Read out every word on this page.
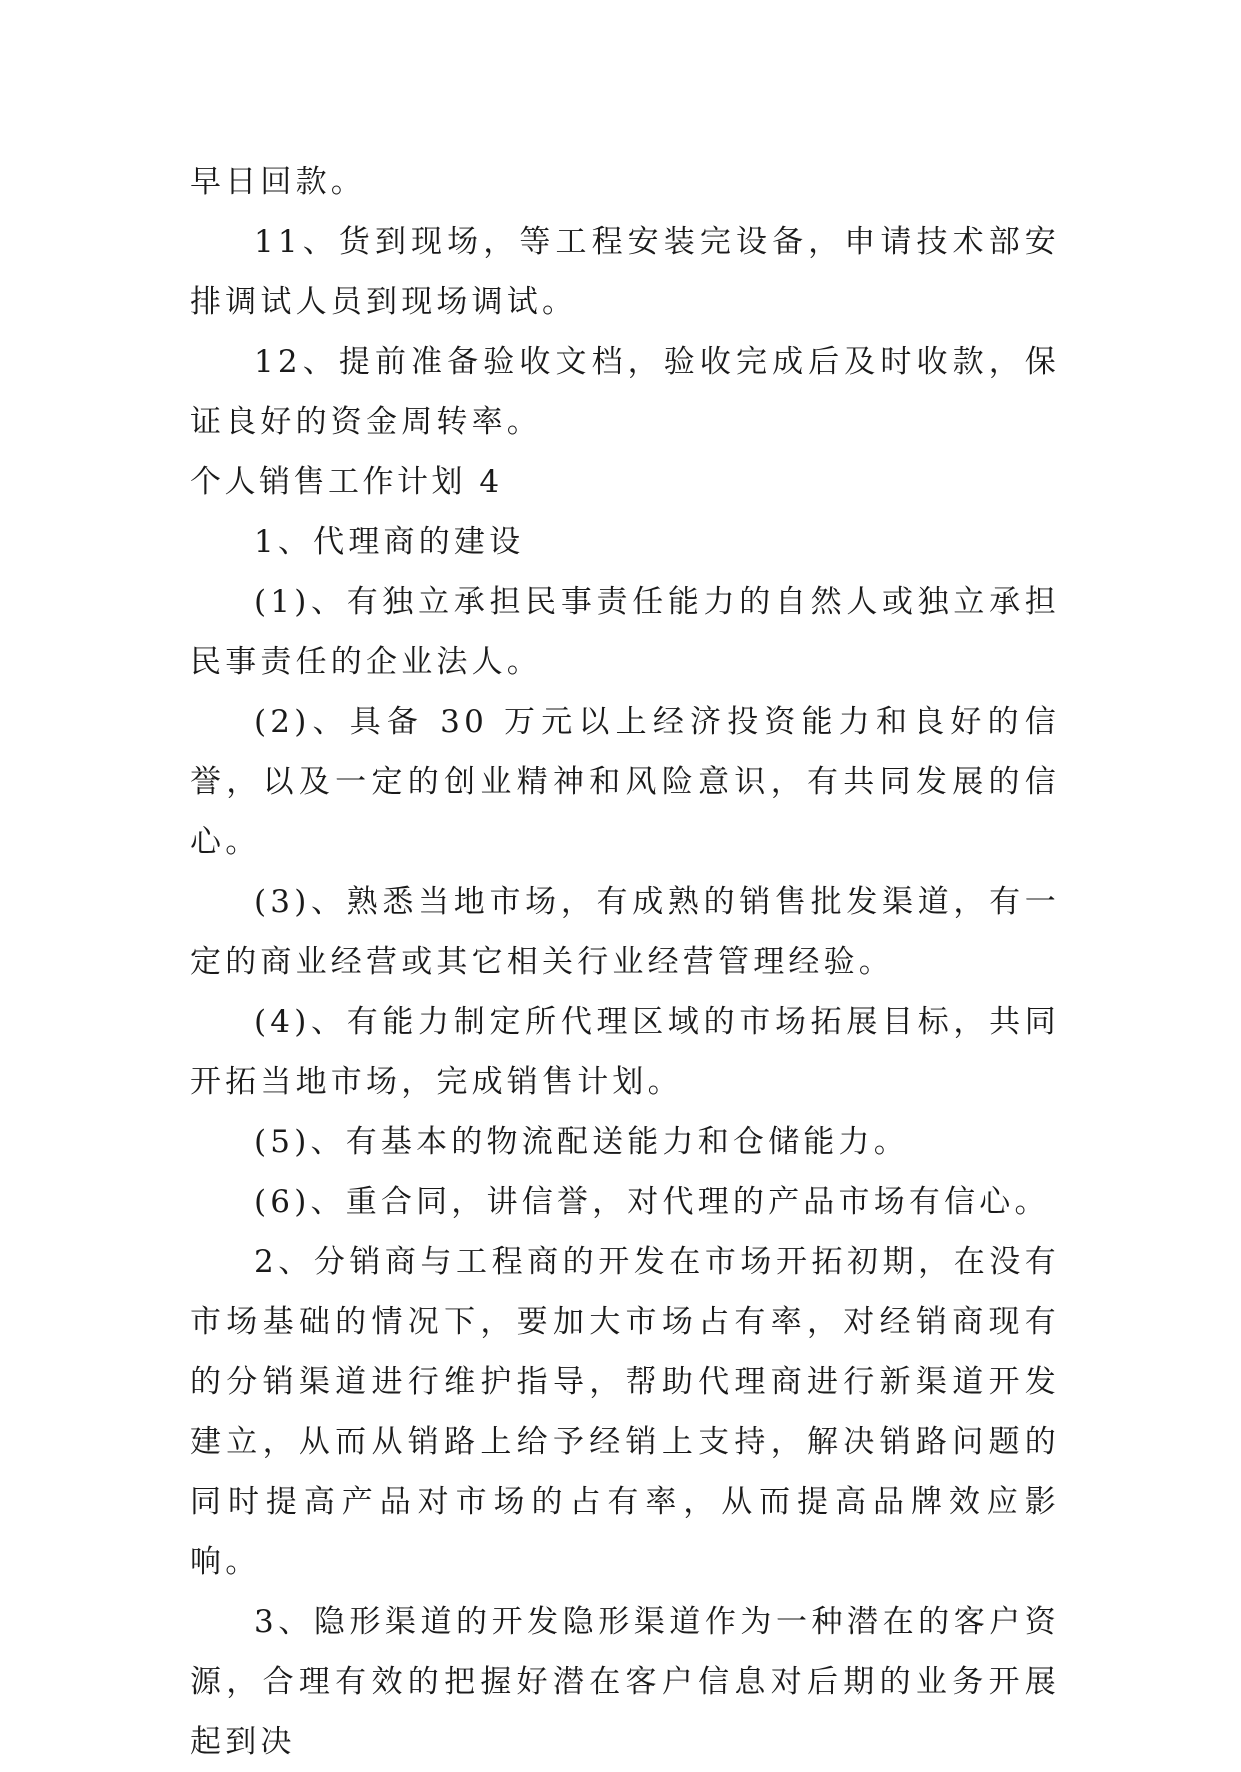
早日回款。

11、货到现场，等工程安装完设备，申请技术部安排调试人员到现场调试。

12、提前准备验收文档，验收完成后及时收款，保证良好的资金周转率。

个人销售工作计划 4

1、代理商的建设

(1)、有独立承担民事责任能力的自然人或独立承担民事责任的企业法人。

(2)、具备 30 万元以上经济投资能力和良好的信誉，以及一定的创业精神和风险意识，有共同发展的信心。

(3)、熟悉当地市场，有成熟的销售批发渠道，有一定的商业经营或其它相关行业经营管理经验。

(4)、有能力制定所代理区域的市场拓展目标，共同开拓当地市场，完成销售计划。

(5)、有基本的物流配送能力和仓储能力。

(6)、重合同，讲信誉，对代理的产品市场有信心。

2、分销商与工程商的开发在市场开拓初期，在没有市场基础的情况下，要加大市场占有率，对经销商现有的分销渠道进行维护指导，帮助代理商进行新渠道开发建立，从而从销路上给予经销上支持，解决销路问题的同时提高产品对市场的占有率，从而提高品牌效应影响。

3、隐形渠道的开发隐形渠道作为一种潜在的客户资源，合理有效的把握好潜在客户信息对后期的业务开展起到决
